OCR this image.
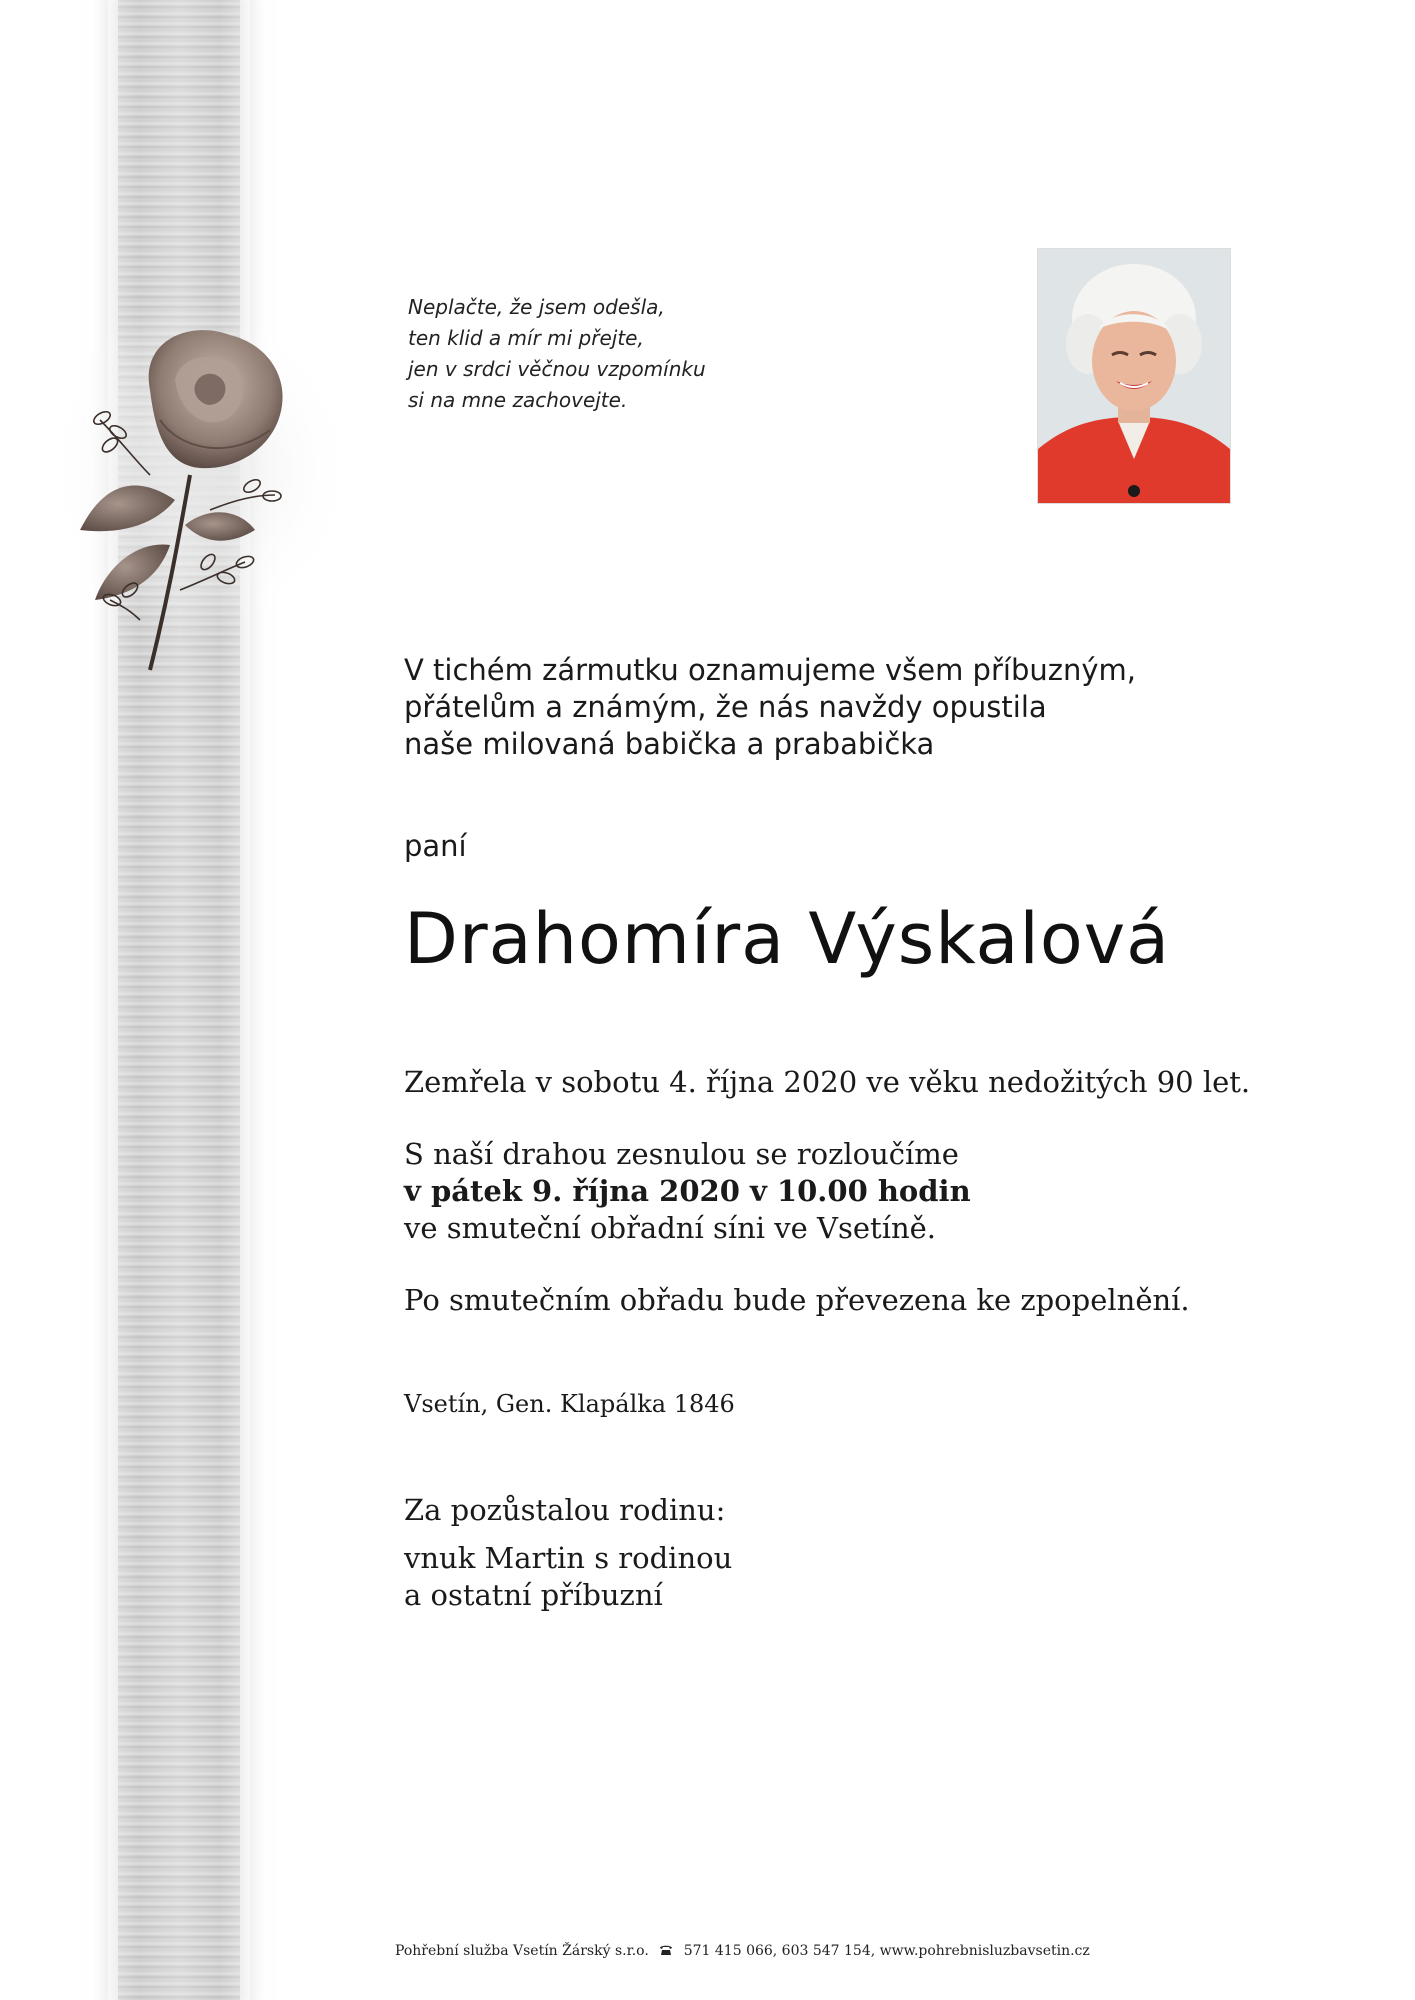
Neplačte, že jsem odešla,
ten klid a mír mi přejte,
jen v srdci věčnou vzpomínku
si na mne zachovejte.
V tichém zármutku oznamujeme všem příbuzným,
přátelům a známým, že nás navždy opustila
naše milovaná babička a prababička
paní
Drahomíra Výskalová
Zemřela v sobotu 4. října 2020 ve věku nedožitých 90 let.
S naší drahou zesnulou se rozloučíme
v pátek 9. října 2020 v 10.00 hodin
ve smuteční obřadní síni ve Vsetíně.
Po smutečním obřadu bude převezena ke zpopelnění.
Vsetín, Gen. Klapálka 1846
Za pozůstalou rodinu:
vnuk Martin s rodinou
a ostatní příbuzní
Pohřební služba Vsetín Žárský s.r.o. 571 415 066, 603 547 154, www.pohrebnisluzbavsetin.cz
